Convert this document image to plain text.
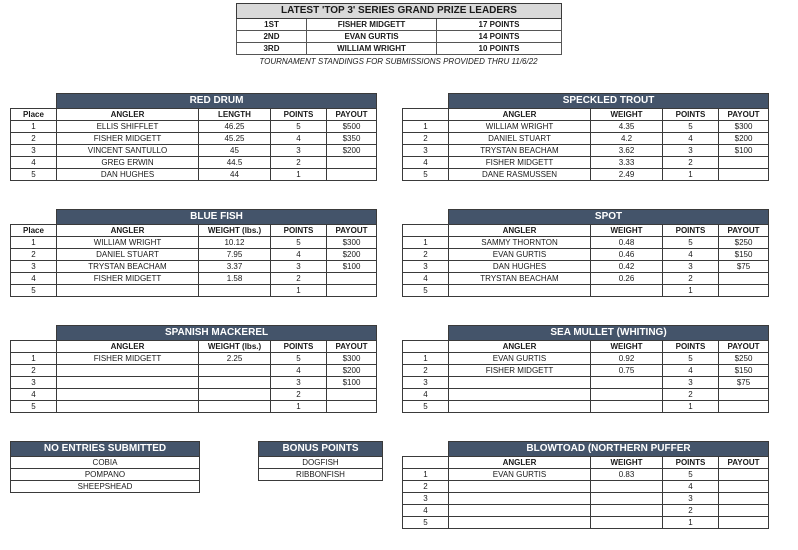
LATEST 'TOP 3' SERIES GRAND PRIZE LEADERS		
1ST	FISHER MIDGETT	17 POINTS
2ND	EVAN GURTIS	14 POINTS
3RD	WILLIAM WRIGHT	10 POINTS
TOURNAMENT STANDINGS FOR SUBMISSIONS PROVIDED THRU 11/6/22
	RED DRUM			
Place	ANGLER	LENGTH	POINTS	PAYOUT
1	ELLIS SHIFFLET	46.25	5	$500
2	FISHER MIDGETT	45.25	4	$350
3	VINCENT SANTULLO	45	3	$200
4	GREG ERWIN	44.5	2	
5	DAN HUGHES	44	1	
	SPECKLED TROUT			
	ANGLER	WEIGHT	POINTS	PAYOUT
1	WILLIAM WRIGHT	4.35	5	$300
2	DANIEL STUART	4.2	4	$200
3	TRYSTAN BEACHAM	3.62	3	$100
4	FISHER MIDGETT	3.33	2	
5	DANE RASMUSSEN	2.49	1	
	BLUE FISH			
Place	ANGLER	WEIGHT (lbs.)	POINTS	PAYOUT
1	WILLIAM WRIGHT	10.12	5	$300
2	DANIEL STUART	7.95	4	$200
3	TRYSTAN BEACHAM	3.37	3	$100
4	FISHER MIDGETT	1.58	2	
5			1	
	SPOT			
	ANGLER	WEIGHT	POINTS	PAYOUT
1	SAMMY THORNTON	0.48	5	$250
2	EVAN GURTIS	0.46	4	$150
3	DAN HUGHES	0.42	3	$75
4	TRYSTAN BEACHAM	0.26	2	
5			1	
	SPANISH MACKEREL			
	ANGLER	WEIGHT (lbs.)	POINTS	PAYOUT
1	FISHER MIDGETT	2.25	5	$300
2			4	$200
3			3	$100
4			2	
5			1	
	SEA MULLET (WHITING)			
	ANGLER	WEIGHT	POINTS	PAYOUT
1	EVAN GURTIS	0.92	5	$250
2	FISHER MIDGETT	0.75	4	$150
3			3	$75
4			2	
5			1	
	BLOWTOAD (NORTHERN PUFFER			
	ANGLER	WEIGHT	POINTS	PAYOUT
1	EVAN GURTIS	0.83	5	
2			4	
3			3	
4			2	
5			1	
NO ENTRIES SUBMITTED
COBIA
POMPANO
SHEEPSHEAD
BONUS POINTS
DOGFISH
RIBBONFISH
